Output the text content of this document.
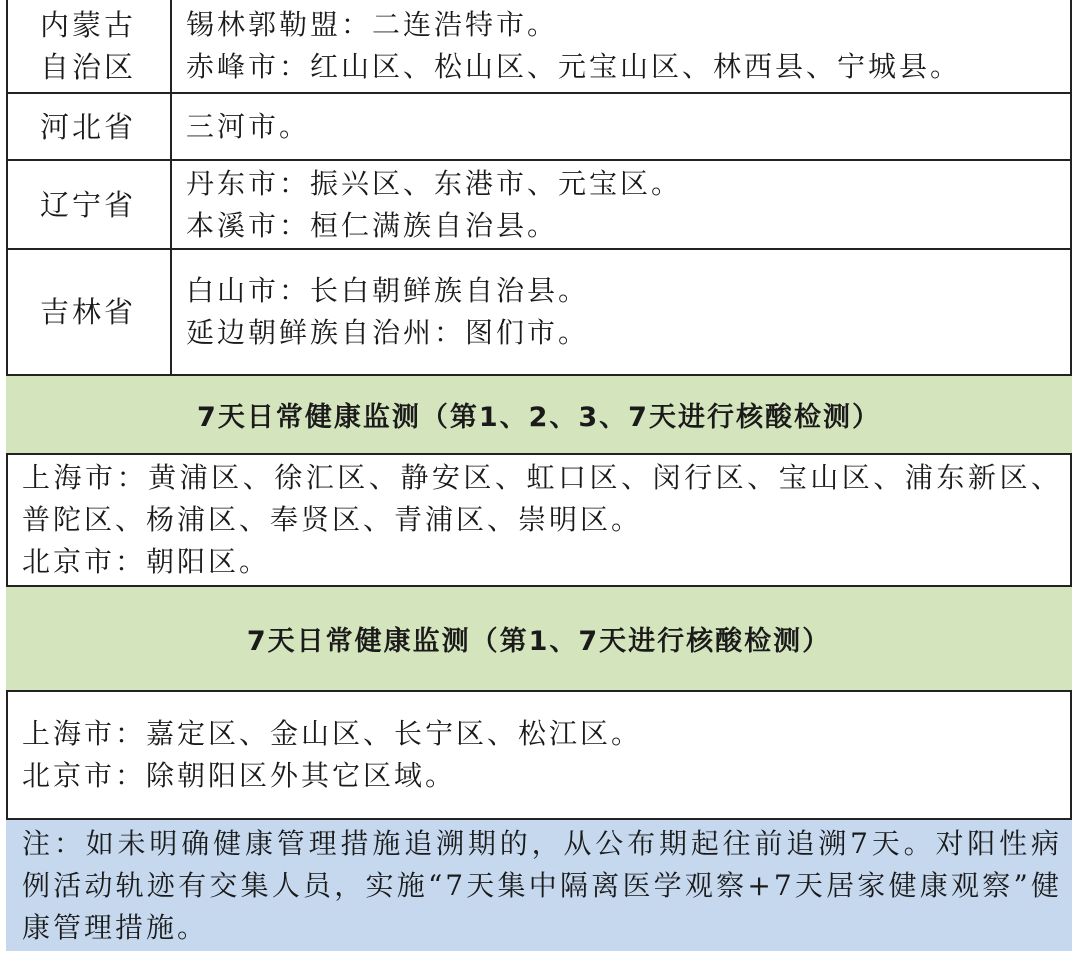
内蒙古自治区
锡林郭勒盟：二连浩特市。
赤峰市：红山区、松山区、元宝山区、林西县、宁城县。
河北省 三河市。
辽宁省
丹东市：振兴区、东港市、元宝区。
本溪市：桓仁满族自治县。
吉林省
白山市：长白朝鲜族自治县。
延边朝鲜族自治州：图们市。
7天日常健康监测（第1、2、3、7天进行核酸检测）
上海市：黄浦区、徐汇区、静安区、虹口区、闵行区、宝山区、浦东新区、普陀区、杨浦区、奉贤区、青浦区、崇明区。
北京市：朝阳区。
7天日常健康监测（第1、7天进行核酸检测）
上海市：嘉定区、金山区、长宁区、松江区。
北京市：除朝阳区外其它区域。
注：如未明确健康管理措施追溯期的，从公布期起往前追溯7天。对阳性病例活动轨迹有交集人员，实施“7天集中隔离医学观察+7天居家健康观察”健康管理措施。
